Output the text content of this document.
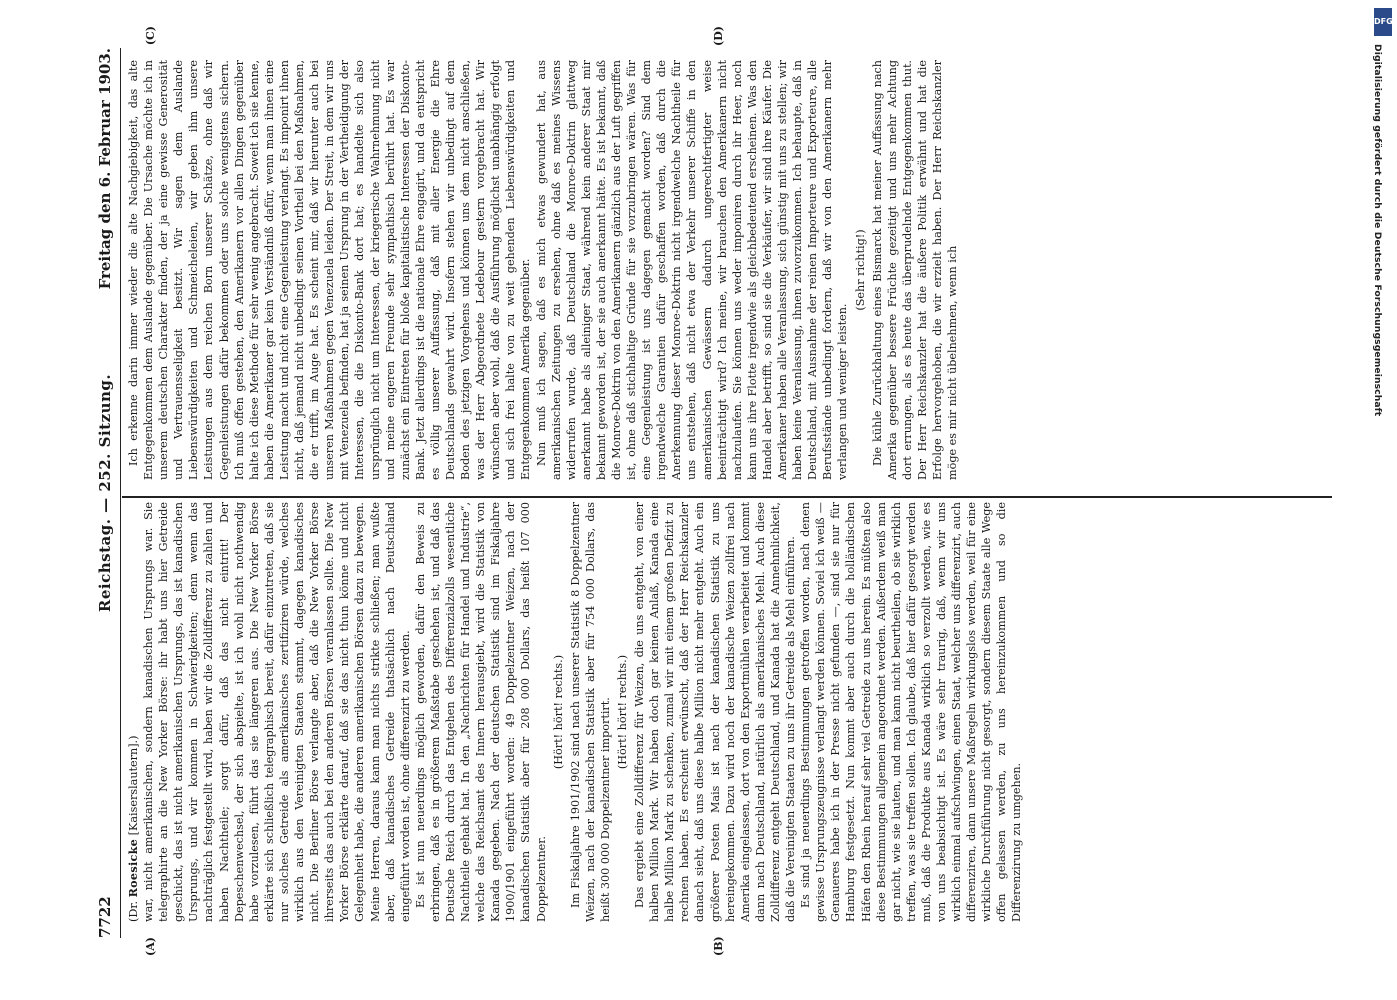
7722
Reichstag. — 252. Sitzung.
Freitag den 6. Februar 1903.
(A)	(B)
(C)	(D)

(Dr. Roesicke [Kaiserslautern].) war, nicht amerikanischen, sondern kanadischen Ursprungs war. Sie telegraphirte an die New Yorker Börse: ihr habt uns hier Getreide geschickt, das ist nicht amerikanischen Ursprungs, das ist kanadischen Ursprungs, und wir kommen in Schwierigkeiten; denn wenn das nachträglich festgestellt wird, haben wir die Zolldifferenz zu zahlen und haben Nachtheile; sorgt dafür, daß das nicht eintritt! Der Depeschenwechsel, der sich abspielte, ist ich wohl nicht nothwendig habe vorzulesen, führt das sie längeren aus. Die New Yorker Börse erklärte sich schließlich telegraphisch bereit, dafür einzutreten, daß sie nur solches Getreide als amerikanisches zertifiziren würde, welches wirklich aus den Vereinigten Staaten stammt, dagegen kanadisches nicht. Die Berliner Börse verlangte aber, daß die New Yorker Börse ihrerseits das auch bei den anderen Börsen veranlassen sollte. Die New Yorker Börse erklärte darauf, daß sie das nicht thun könne und nicht Gelegenheit habe, die anderen amerikanischen Börsen dazu zu bewegen. Meine Herren, daraus kann man nichts strikte schließen; man wußte aber, daß kanadisches Getreide thatsächlich nach Deutschland eingeführt worden ist, ohne differenzirt zu werden. Es ist nun neuerdings möglich geworden, dafür den Beweis zu erbringen, daß es in größerem Maßstabe geschehen ist, und daß das Deutsche Reich durch das Entgehen des Differenzialzolls wesentliche Nachtheile gehabt hat. In den „Nachrichten für Handel und Industrie“, welche das Reichsamt des Innern herausgiebt, wird die Statistik von Kanada gegeben. Nach der deutschen Statistik sind im Fiskaljahre 1900/1901 eingeführt worden: 49 Doppelzentner Weizen, nach der kanadischen Statistik aber für 208 000 Dollars, das heißt 107 000 Doppelzentner.

(Hört! hört! rechts.) Im Fiskaljahre 1901/1902 sind nach unserer Statistik 8 Doppelzentner Weizen, nach der kanadischen Statistik aber für 754 000 Dollars, das heißt 300 000 Doppelzentner importirt. (Hört! hört! rechts.) Das ergiebt eine Zolldifferenz für Weizen, die uns entgeht, von einer halben Million Mark. Wir haben doch gar keinen Anlaß, Kanada eine halbe Million Mark zu schenken, zumal wir mit einem großen Defizit zu rechnen haben. Es erscheint erwünscht, daß der Herr Reichskanzler danach sieht, daß uns diese halbe Million nicht mehr entgeht. Auch ein größerer Posten Mais ist nach der kanadischen Statistik zu uns hereingekommen. Dazu wird noch der kanadische Weizen zollfrei nach Amerika eingelassen, dort von den Exportmühlen verarbeitet und kommt dann nach Deutschland, natürlich als amerikanisches Mehl. Auch diese Zolldifferenz entgeht Deutschland, und Kanada hat die Annehmlichkeit, daß die Vereinigten Staaten zu uns ihr Getreide als Mehl einführen. Es sind ja neuerdings Bestimmungen getroffen worden, nach denen gewisse Ursprungszeugnisse verlangt werden können. Soviel ich weiß — Genaueres habe ich in der Presse nicht gefunden —, sind sie nur für Hamburg festgesetzt. Nun kommt aber auch durch die holländischen Häfen den Rhein herauf sehr viel Getreide zu uns herein. Es müßten also diese Bestimmungen allgemein angeordnet werden. Außerdem weiß man gar nicht, wie sie lauten, und man kann nicht beurtheilen, ob sie wirklich treffen, was sie treffen sollen. Ich glaube, daß hier dafür gesorgt werden muß, daß die Produkte aus Kanada wirklich so verzollt werden, wie es von uns beabsichtigt ist. Es wäre sehr traurig, daß, wenn wir uns wirklich einmal aufschwingen, einen Staat, welcher uns differenzirt, auch differenziren, dann unsere Maßregeln wirkungslos werden, weil für eine wirkliche Durchführung nicht gesorgt, sondern diesem Staate alle Wege offen gelassen werden, zu uns hereinzukommen und so die Differenzirung zu umgehen.

Ich erkenne darin immer wieder die alte Nachgiebigkeit, das alte Entgegenkommen dem Auslande gegenüber. Die Ursache möchte ich in unserem deutschen Charakter finden, der ja eine gewisse Generosität und Vertrauensseligkeit besitzt. Wir sagen dem Auslande Liebenswürdigkeiten und Schmeicheleien, wir geben ihm unsere Leistungen aus dem reichen Born unserer Schätze, ohne daß wir Gegenleistungen dafür bekommen oder uns solche wenigstens sichern. Ich muß offen gestehen, den Amerikanern vor allen Dingen gegenüber halte ich diese Methode für sehr wenig angebracht. Soweit ich sie kenne, haben die Amerikaner gar kein Verständniß dafür, wenn man ihnen eine Leistung macht und nicht eine Gegenleistung verlangt. Es imponirt ihnen nicht, daß jemand nicht unbedingt seinen Vortheil bei den Maßnahmen, die er trifft, im Auge hat. Es scheint mir, daß wir hierunter auch bei unseren Maßnahmen gegen Venezuela leiden. Der Streit, in dem wir uns mit Venezuela befinden, hat ja seinen Ursprung in der Vertheidigung der Interessen, die die Diskonto-Bank dort hat; es handelte sich also ursprünglich nicht um Interessen, der kriegerische Wahrnehmung nicht und meine engeren Freunde sehr sympathisch berührt hat. Es war zunächst ein Eintreten für bloße kapitalistische Interessen der Diskonto-Bank. Jetzt allerdings ist die nationale Ehre engagirt, und da entspricht es völlig unserer Auffassung, daß mit aller Energie die Ehre Deutschlands gewahrt wird. Insofern stehen wir unbedingt auf dem Boden des jetzigen Vorgehens und können uns dem nicht anschließen, was der Herr Abgeordnete Ledebour gestern vorgebracht hat. Wir wünschen aber wohl, daß die Ausführung möglichst unabhängig erfolgt und sich frei halte von zu weit gehenden Liebenswürdigkeiten und Entgegenkommen Amerika gegenüber. Nun muß ich sagen, daß es mich etwas gewundert hat, aus amerikanischen Zeitungen zu ersehen, ohne daß es meines Wissens widerrufen wurde, daß Deutschland die Monroe-Doktrin glattweg anerkannt habe als alleiniger Staat, während kein anderer Staat mir bekannt geworden ist, der sie auch anerkannt hätte. Es ist bekannt, daß die Monroe-Doktrin von den Amerikanern gänzlich aus der Luft gegriffen ist, ohne daß stichhaltige Gründe für sie vorzubringen wären. Was für eine Gegenleistung ist uns dagegen gemacht worden? Sind dem irgendwelche Garantien dafür geschaffen worden, daß durch die Anerkennung dieser Monroe-Doktrin nicht irgendwelche Nachtheile für uns entstehen, daß nicht etwa der Verkehr unserer Schiffe in den amerikanischen Gewässern dadurch ungerechtfertigter weise beeinträchtigt wird? Ich meine, wir brauchen den Amerikanern nicht nachzulaufen. Sie können uns weder imponiren durch ihr Heer, noch kann uns ihre Flotte irgendwie als gleichbedeutend erscheinen. Was den Handel aber betrifft, so sind sie die Verkäufer, wir sind ihre Käufer. Die Amerikaner haben alle Veranlassung, sich günstig mit uns zu stellen; wir haben keine Veranlassung, ihnen zuvorzukommen. Ich behaupte, daß in Deutschland, mit Ausnahme der reinen Importeure und Exporteure, alle Berufsstände unbedingt fordern, daß wir von den Amerikanern mehr verlangen und weniger leisten.

(Sehr richtig!) Die kühle Zurückhaltung eines Bismarck hat meiner Auffassung nach Amerika gegenüber bessere Früchte gezeitigt und uns mehr Achtung dort errungen, als es heute das überprudelnde Entgegenkommen thut. Der Herr Reichskanzler hat die äußere Politik erwähnt und hat die Erfolge hervorgehoben, die wir erzielt haben. Der Herr Reichskanzler möge es mir nicht übelnehmen, wenn ich

DFG
Digitalisierung gefördert durch die Deutsche Forschungsgemeinschaft
